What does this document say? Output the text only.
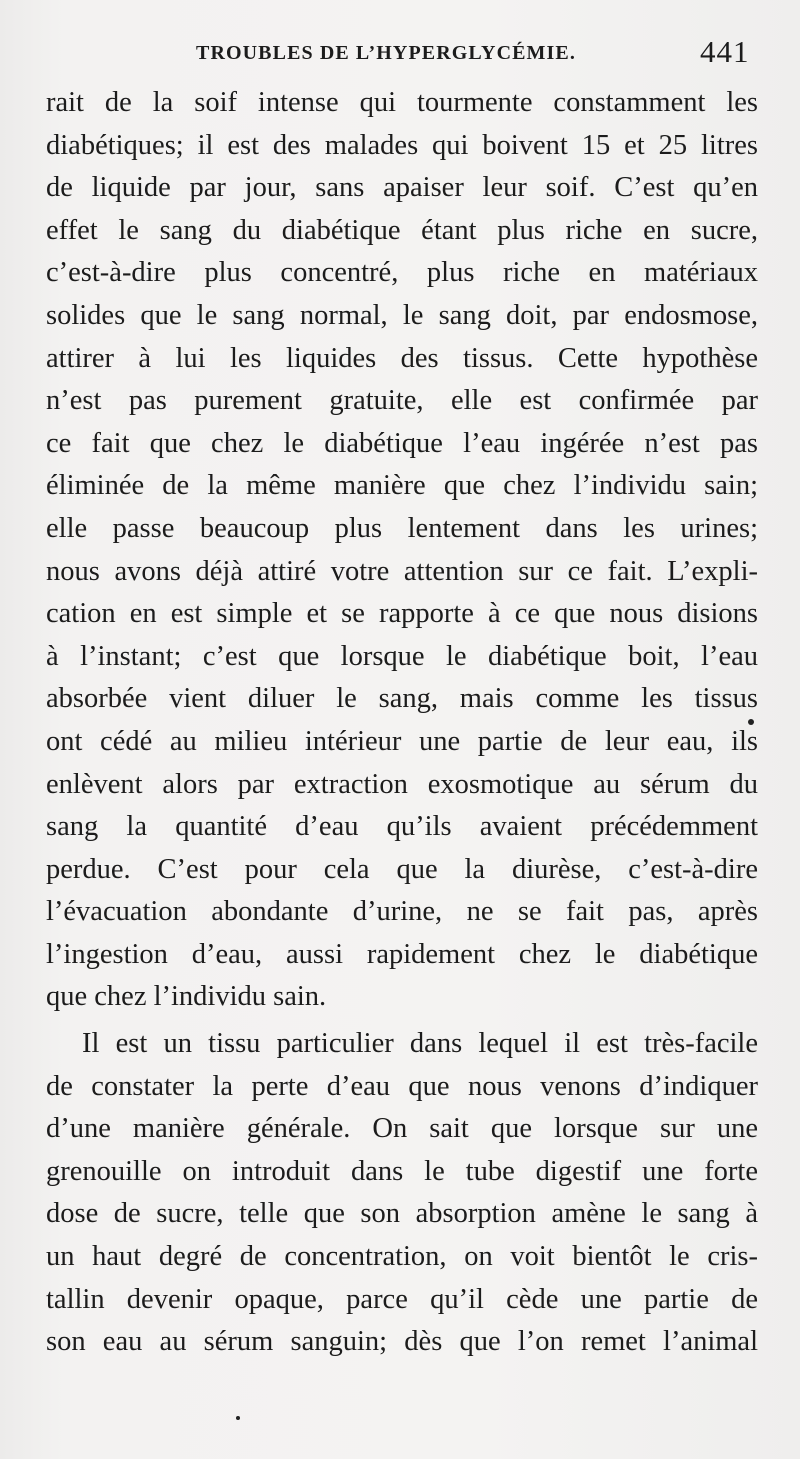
TROUBLES DE L’HYPERGLYCÉMIE.	441
rait de la soif intense qui tourmente constamment les
diabétiques; il est des malades qui boivent 15 et 25 litres
de liquide par jour, sans apaiser leur soif. C’est qu’en
effet le sang du diabétique étant plus riche en sucre,
c’est-à-dire plus concentré, plus riche en matériaux
solides que le sang normal, le sang doit, par endosmose,
attirer à lui les liquides des tissus. Cette hypothèse
n’est pas purement gratuite, elle est confirmée par
ce fait que chez le diabétique l’eau ingérée n’est pas
éliminée de la même manière que chez l’individu sain;
elle passe beaucoup plus lentement dans les urines;
nous avons déjà attiré votre attention sur ce fait. L’expli-
cation en est simple et se rapporte à ce que nous disions
à l’instant; c’est que lorsque le diabétique boit, l’eau
absorbée vient diluer le sang, mais comme les tissus
ont cédé au milieu intérieur une partie de leur eau, ils
enlèvent alors par extraction exosmotique au sérum du
sang la quantité d’eau qu’ils avaient précédemment
perdue. C’est pour cela que la diurèse, c’est-à-dire
l’évacuation abondante d’urine, ne se fait pas, après
l’ingestion d’eau, aussi rapidement chez le diabétique
que chez l’individu sain.
Il est un tissu particulier dans lequel il est très-facile
de constater la perte d’eau que nous venons d’indiquer
d’une manière générale. On sait que lorsque sur une
grenouille on introduit dans le tube digestif une forte
dose de sucre, telle que son absorption amène le sang à
un haut degré de concentration, on voit bientôt le cris-
tallin devenir opaque, parce qu’il cède une partie de
son eau au sérum sanguin; dès que l’on remet l’animal
